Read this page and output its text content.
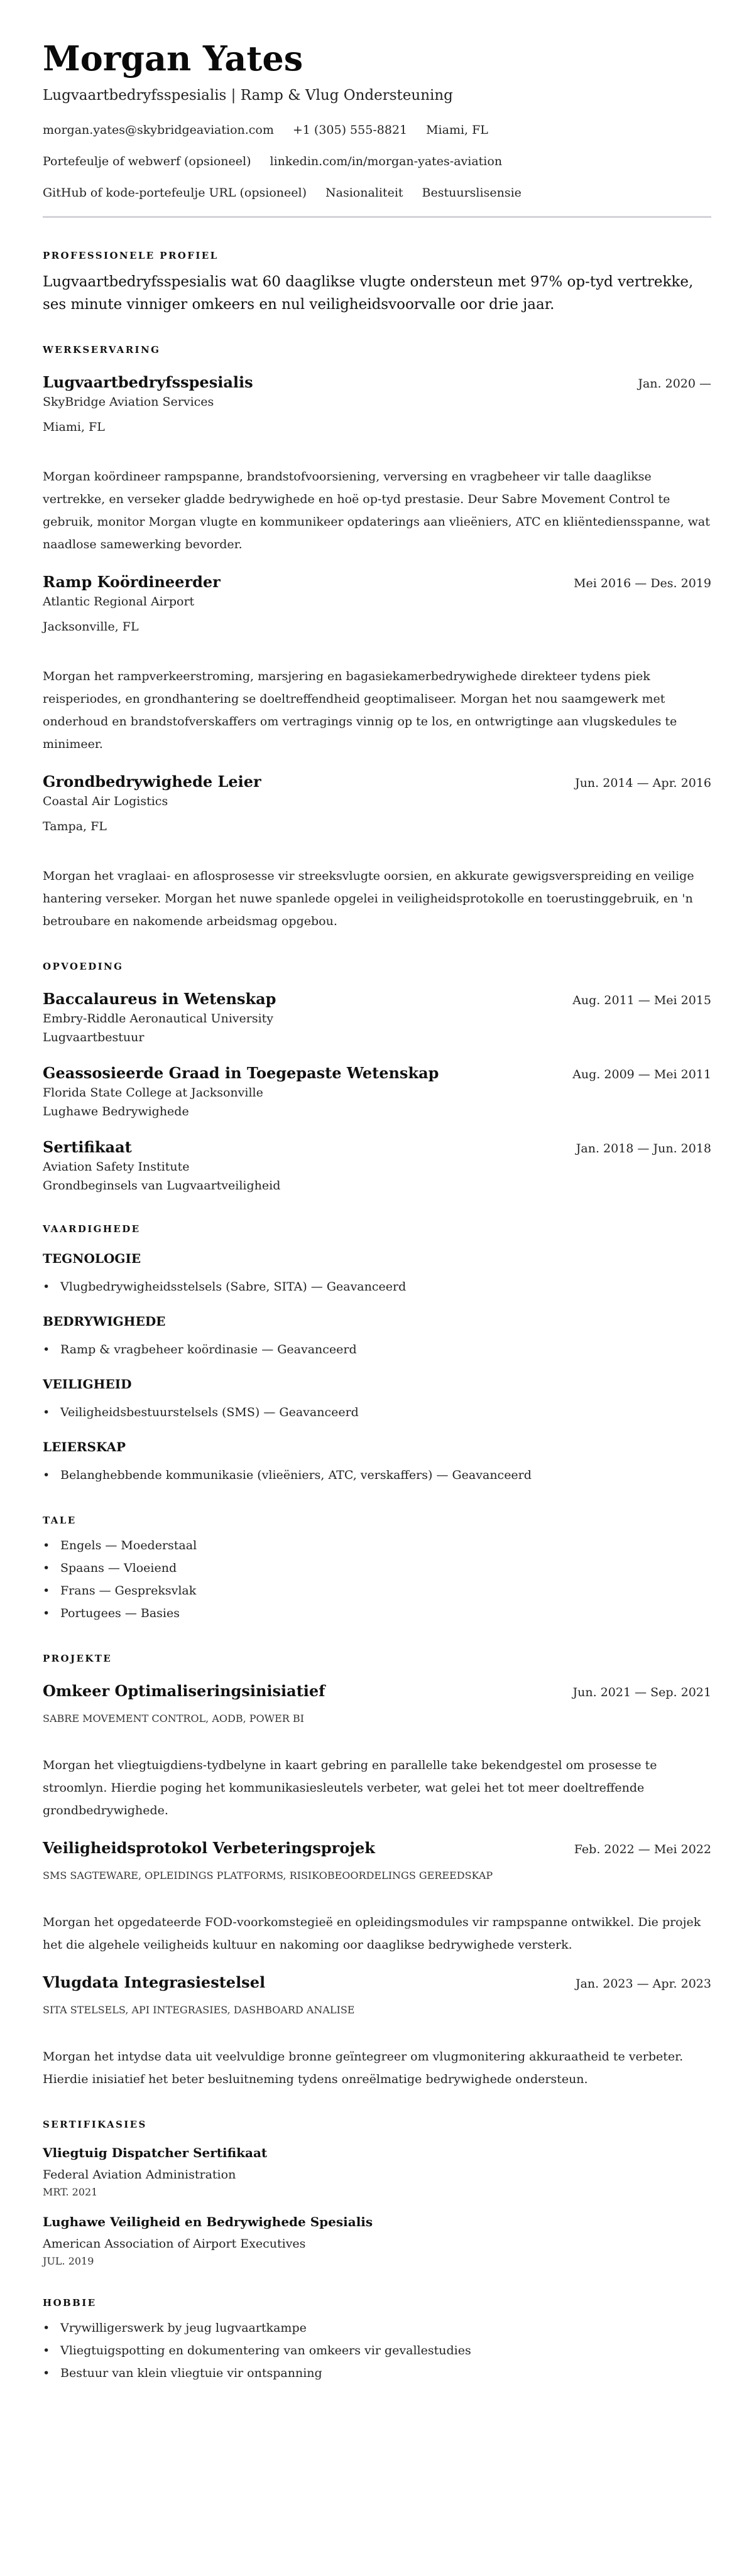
Morgan Yates
Lugvaartbedryfsspesialis | Ramp & Vlug Ondersteuning
morgan.yates@skybridgeaviation.com +1 (305) 555-8821 Miami, FL
Portefeulje of webwerf (opsioneel) linkedin.com/in/morgan-yates-aviation
GitHub of kode-portefeulje URL (opsioneel) Nasionaliteit Bestuurslisensie
PROFESSIONELE PROFIEL
Lugvaartbedryfsspesialis wat 60 daaglikse vlugte ondersteun met 97% op-tyd vertrekke, ses minute vinniger omkeers en nul veiligheidsvoorvalle oor drie jaar.
WERKSERVARING
Lugvaartbedryfsspesialis	Jan. 2020 —
SkyBridge Aviation Services
Miami, FL
Morgan koördineer rampspanne, brandstofvoorsiening, verversing en vragbeheer vir talle daaglikse vertrekke, en verseker gladde bedrywighede en hoë op-tyd prestasie. Deur Sabre Movement Control te gebruik, monitor Morgan vlugte en kommunikeer opdaterings aan vlieëniers, ATC en kliëntediensspanne, wat naadlose samewerking bevorder.
Ramp Koördineerder	Mei 2016 — Des. 2019
Atlantic Regional Airport
Jacksonville, FL
Morgan het rampverkeerstroming, marsjering en bagasiekamerbedrywighede direkteer tydens piek reisperiodes, en grondhantering se doeltreffendheid geoptimaliseer. Morgan het nou saamgewerk met onderhoud en brandstofverskaffers om vertragings vinnig op te los, en ontwrigtinge aan vlugskedules te minimeer.
Grondbedrywighede Leier	Jun. 2014 — Apr. 2016
Coastal Air Logistics
Tampa, FL
Morgan het vraglaai- en aflosprosesse vir streeksvlugte oorsien, en akkurate gewigsverspreiding en veilige hantering verseker. Morgan het nuwe spanlede opgelei in veiligheidsprotokolle en toerustinggebruik, en 'n betroubare en nakomende arbeidsmag opgebou.
OPVOEDING
Baccalaureus in Wetenskap	Aug. 2011 — Mei 2015
Embry-Riddle Aeronautical University
Lugvaartbestuur
Geassosieerde Graad in Toegepaste Wetenskap	Aug. 2009 — Mei 2011
Florida State College at Jacksonville
Lughawe Bedrywighede
Sertifikaat	Jan. 2018 — Jun. 2018
Aviation Safety Institute
Grondbeginsels van Lugvaartveiligheid
VAARDIGHEDE
TEGNOLOGIE
• Vlugbedrywigheidsstelsels (Sabre, SITA) — Geavanceerd
BEDRYWIGHEDE
• Ramp & vragbeheer koördinasie — Geavanceerd
VEILIGHEID
• Veiligheidsbestuurstelsels (SMS) — Geavanceerd
LEIERSKAP
• Belanghebbende kommunikasie (vlieëniers, ATC, verskaffers) — Geavanceerd
TALE
• Engels — Moederstaal
• Spaans — Vloeiend
• Frans — Gespreksvlak
• Portugees — Basies
PROJEKTE
Omkeer Optimaliseringsinisiatief	Jun. 2021 — Sep. 2021
SABRE MOVEMENT CONTROL, AODB, POWER BI
Morgan het vliegtuigdiens-tydbelyne in kaart gebring en parallelle take bekendgestel om prosesse te stroomlyn. Hierdie poging het kommunikasiesleutels verbeter, wat gelei het tot meer doeltreffende grondbedrywighede.
Veiligheidsprotokol Verbeteringsprojek	Feb. 2022 — Mei 2022
SMS SAGTEWARE, OPLEIDINGS PLATFORMS, RISIKOBEOORDELINGS GEREEDSKAP
Morgan het opgedateerde FOD-voorkomstegieë en opleidingsmodules vir rampspanne ontwikkel. Die projek het die algehele veiligheids kultuur en nakoming oor daaglikse bedrywighede versterk.
Vlugdata Integrasiestelsel	Jan. 2023 — Apr. 2023
SITA STELSELS, API INTEGRASIES, DASHBOARD ANALISE
Morgan het intydse data uit veelvuldige bronne geïntegreer om vlugmonitering akkuraatheid te verbeter. Hierdie inisiatief het beter besluitneming tydens onreëlmatige bedrywighede ondersteun.
SERTIFIKASIES
Vliegtuig Dispatcher Sertifikaat
Federal Aviation Administration
MRT. 2021
Lughawe Veiligheid en Bedrywighede Spesialis
American Association of Airport Executives
JUL. 2019
HOBBIE
• Vrywilligerswerk by jeug lugvaartkampe
• Vliegtuigspotting en dokumentering van omkeers vir gevallestudies
• Bestuur van klein vliegtuie vir ontspanning
